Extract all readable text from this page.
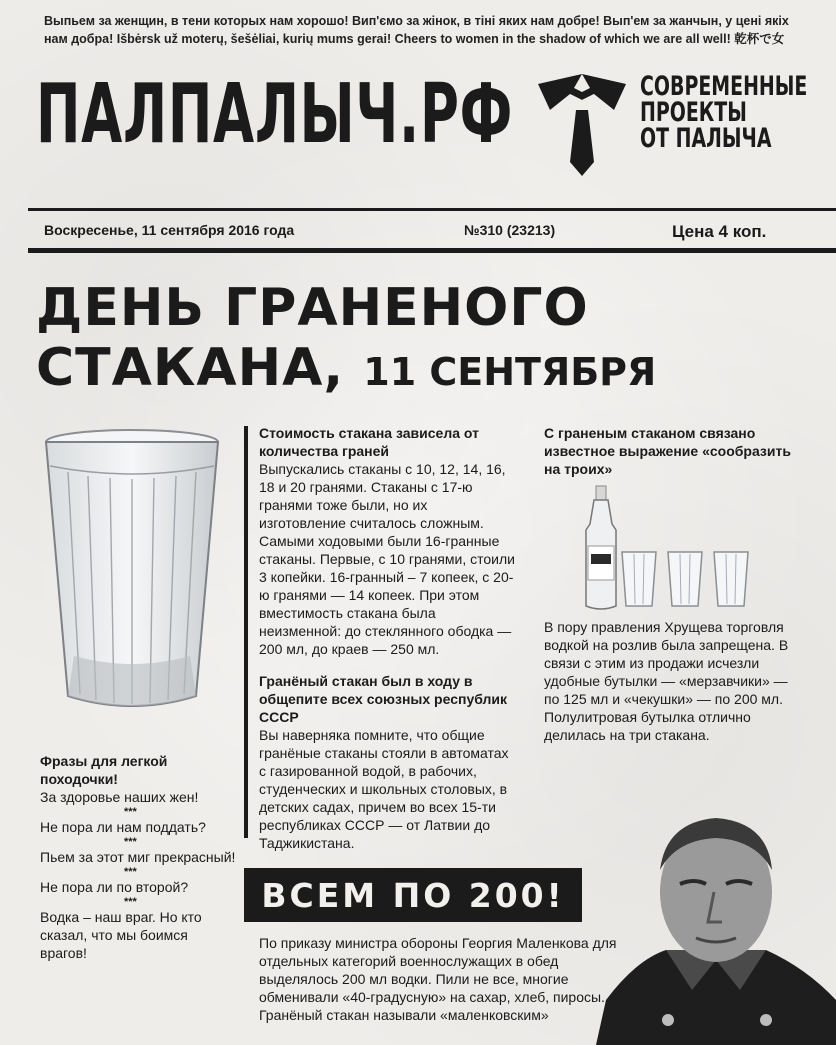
Выпьем за женщин, в тени которых нам хорошо! Вип'ємо за жінок, в тіні яких нам добре! Вып'ем за жанчын, у цені якіх нам добра! Išbėrsk už moterų, šešėliai, kurių mums gerai! Cheers to women in the shadow of which we are all well! 乾杯で女
ПАЛПАЛЫЧ.РФ	СОВРЕМЕННЫЕ
ПРОЕКТЫ
ОТ ПАЛЫЧА
Воскресенье, 11 сентября 2016 года	№310 (23213)	Цена 4 коп.
ДЕНЬ ГРАНЕНОГО
СТАКАНА, 11 СЕНТЯБРЯ
Фразы для легкой походочки!

За здоровье наших жен!

***

Не пора ли нам поддать?

***

Пьем за этот миг прекрасный!

***

Не пора ли по второй?

***

Водка – наш враг. Но кто сказал, что мы боимся врагов!

Стоимость стакана зависела от количества граней

Выпускались стаканы с 10, 12, 14, 16, 18 и 20 гранями. Стаканы с 17-ю гранями тоже были, но их изготовление считалось сложным. Самыми ходовыми были 16-гранные стаканы. Первые, с 10 гранями, стоили 3 копейки. 16-гранный – 7 копеек, с 20-ю гранями — 14 копеек. При этом вместимость стакана была неизменной: до стеклянного ободка — 200 мл, до краев — 250 мл.

Гранёный стакан был в ходу в общепите всех союзных республик СССР

Вы наверняка помните, что общие гранёные стаканы стояли в автоматах с газированной водой, в рабочих, студенческих и школьных столовых, в детских садах, причем во всех 15-ти республиках СССР — от Латвии до Таджикистана.

С граненым стаканом связано известное выражение «сообразить на троих»
В пору правления Хрущева торговля водкой на розлив была запрещена. В связи с этим из продажи исчезли удобные бутылки — «мерзавчики» — по 125 мл и «чекушки» — по 200 мл. Полулитровая бутылка отлично делилась на три стакана.
ВСЕМ ПО 200!
По приказу министра обороны Георгия Маленкова для отдельных категорий военнослужащих в обед выделялось 200 мл водки. Пили не все, многие обменивали «40-градусную» на сахар, хлеб, пиросы. Гранёный стакан называли «маленковским»
